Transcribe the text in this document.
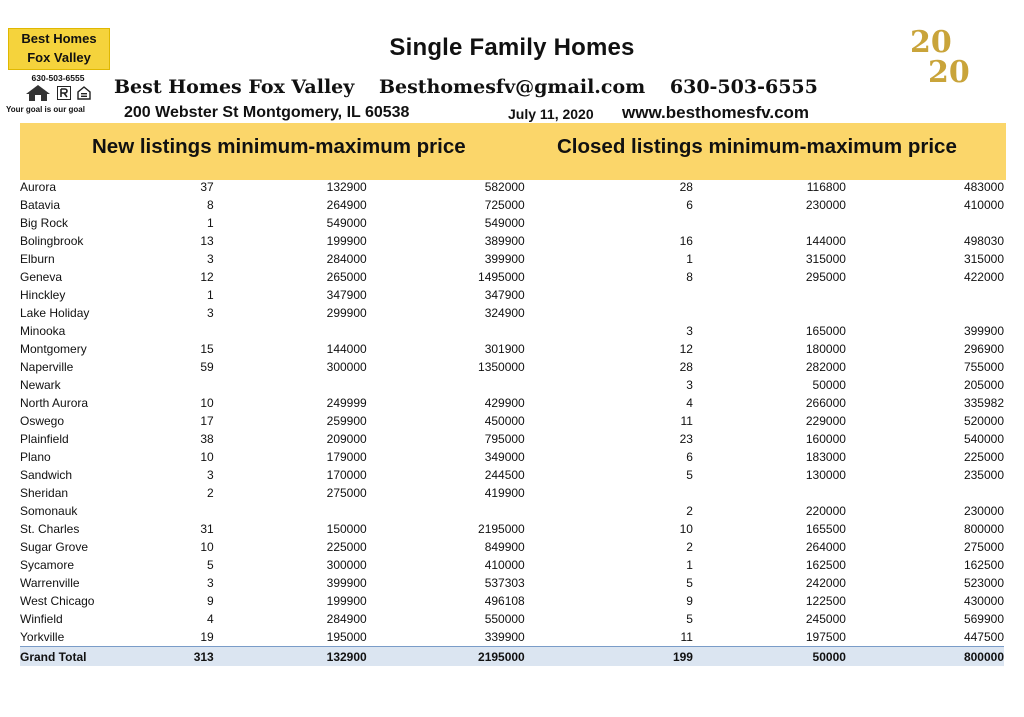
Best Homes
Fox Valley
630-503-6555
Your goal is our goal
Single Family Homes	20
20
Best Homes Fox Valley Besthomesfv@gmail.com 630-503-6555
200 Webster St Montgomery, IL 60538	July 11, 2020 www.besthomesfv.com
New listings minimum-maximum price	Closed listings minimum-maximum price
Aurora	37	132900	582000	28	116800	483000
Batavia	8	264900	725000	6	230000	410000
Big Rock	1	549000	549000			
Bolingbrook	13	199900	389900	16	144000	498030
Elburn	3	284000	399900	1	315000	315000
Geneva	12	265000	1495000	8	295000	422000
Hinckley	1	347900	347900			
Lake Holiday	3	299900	324900			
Minooka				3	165000	399900
Montgomery	15	144000	301900	12	180000	296900
Naperville	59	300000	1350000	28	282000	755000
Newark				3	50000	205000
North Aurora	10	249999	429900	4	266000	335982
Oswego	17	259900	450000	11	229000	520000
Plainfield	38	209000	795000	23	160000	540000
Plano	10	179000	349000	6	183000	225000
Sandwich	3	170000	244500	5	130000	235000
Sheridan	2	275000	419900			
Somonauk				2	220000	230000
St. Charles	31	150000	2195000	10	165500	800000
Sugar Grove	10	225000	849900	2	264000	275000
Sycamore	5	300000	410000	1	162500	162500
Warrenville	3	399900	537303	5	242000	523000
West Chicago	9	199900	496108	9	122500	430000
Winfield	4	284900	550000	5	245000	569900
Yorkville	19	195000	339900	11	197500	447500
Grand Total	313	132900	2195000	199	50000	800000
